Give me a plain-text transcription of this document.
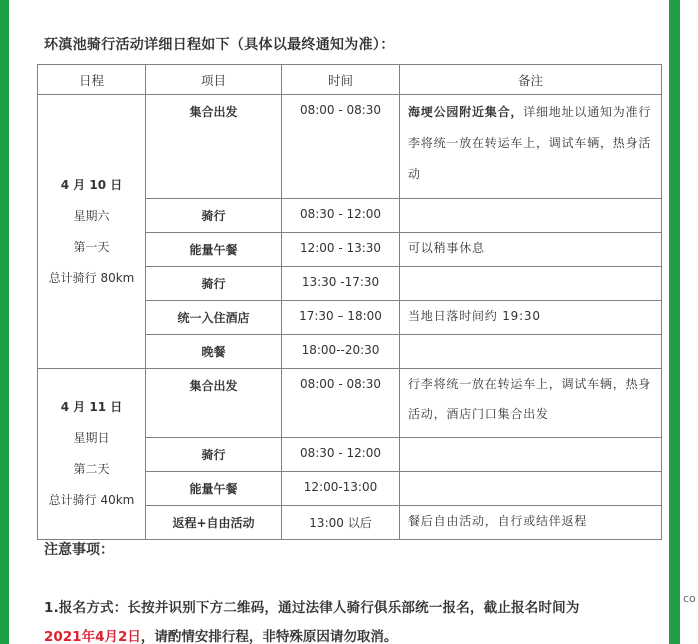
co
环滇池骑行活动详细日程如下（具体以最终通知为准）：
日程	项目	时间	备注

4 月 10 日
星期六
第一天
总计骑行 80km	集合出发	08:00 - 08:30	海埂公园附近集合，详细地址以通知为准行李将统一放在转运车上，调试车辆，热身活动
	骑行	08:30 - 12:00	
	能量午餐	12:00 - 13:30	可以稍事休息
	骑行	13:30 -17:30	
	统一入住酒店	17:30 – 18:00	当地日落时间约 19:30
	晚餐	18:00--20:30	

4 月 11 日
星期日
第二天
总计骑行 40km	集合出发	08:00 - 08:30	行李将统一放在转运车上，调试车辆，热身活动，酒店门口集合出发
	骑行	08:30 - 12:00	
	能量午餐	12:00-13:00	
	返程+自由活动	13:00 以后	餐后自由活动，自行或结伴返程
注意事项：
1.报名方式：长按并识别下方二维码，通过法律人骑行俱乐部统一报名，截止报名时间为
2021年4月2日，请酌情安排行程，非特殊原因请勿取消。
